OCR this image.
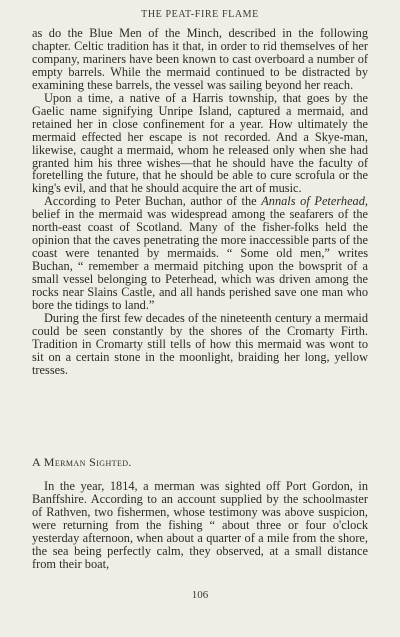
THE PEAT-FIRE FLAME

as do the Blue Men of the Minch, described in the following chapter. Celtic tradition has it that, in order to rid themselves of her company, mariners have been known to cast overboard a number of empty barrels. While the mermaid continued to be distracted by examining these barrels, the vessel was sailing beyond her reach.

Upon a time, a native of a Harris township, that goes by the Gaelic name signifying Unripe Island, captured a mermaid, and retained her in close confinement for a year. How ultimately the mermaid effected her escape is not recorded. And a Skye-man, likewise, caught a mermaid, whom he released only when she had granted him his three wishes—that he should have the faculty of foretelling the future, that he should be able to cure scrofula or the king's evil, and that he should acquire the art of music.

According to Peter Buchan, author of the Annals of Peterhead, belief in the mermaid was widespread among the seafarers of the north-east coast of Scotland. Many of the fisher-folks held the opinion that the caves penetrating the more inaccessible parts of the coast were tenanted by mermaids. “ Some old men,” writes Buchan, “ remember a mermaid pitching upon the bowsprit of a small vessel belonging to Peterhead, which was driven among the rocks near Slains Castle, and all hands perished save one man who bore the tidings to land.”

During the first few decades of the nineteenth century a mermaid could be seen constantly by the shores of the Cromarty Firth. Tradition in Cromarty still tells of how this mermaid was wont to sit on a certain stone in the moonlight, braiding her long, yellow tresses.

A Merman Sighted.

In the year, 1814, a merman was sighted off Port Gordon, in Banffshire. According to an account supplied by the schoolmaster of Rathven, two fishermen, whose testimony was above suspicion, were returning from the fishing “ about three or four o'clock yesterday afternoon, when about a quarter of a mile from the shore, the sea being perfectly calm, they observed, at a small distance from their boat,

106
